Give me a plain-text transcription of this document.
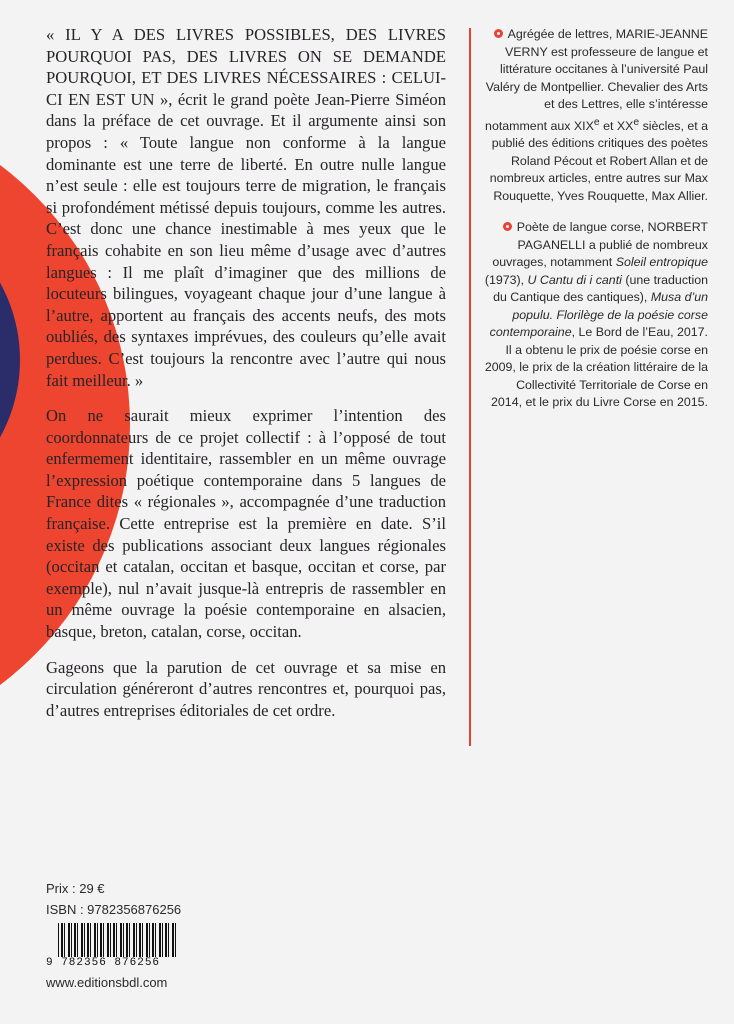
« IL Y A DES LIVRES POSSIBLES, DES LIVRES POURQUOI PAS, DES LIVRES ON SE DEMANDE POURQUOI, ET DES LIVRES NÉCESSAIRES : CELUI-CI EN EST UN », écrit le grand poète Jean-Pierre Siméon dans la préface de cet ouvrage. Et il argumente ainsi son propos : « Toute langue non conforme à la langue dominante est une terre de liberté. En outre nulle langue n’est seule : elle est toujours terre de migration, le français si profondément métissé depuis toujours, comme les autres. C’est donc une chance inestimable à mes yeux que le français cohabite en son lieu même d’usage avec d’autres langues : Il me plaît d’imaginer que des millions de locuteurs bilingues, voyageant chaque jour d’une langue à l’autre, apportent au français des accents neufs, des mots oubliés, des syntaxes imprévues, des couleurs qu’elle avait perdues. C’est toujours la rencontre avec l’autre qui nous fait meilleur. »

On ne saurait mieux exprimer l’intention des coordonnateurs de ce projet collectif : à l’opposé de tout enfermement identitaire, rassembler en un même ouvrage l’expression poétique contemporaine dans 5 langues de France dites « régionales », accompagnée d’une traduction française. Cette entreprise est la première en date. S’il existe des publications associant deux langues régionales (occitan et catalan, occitan et basque, occitan et corse, par exemple), nul n’avait jusque-là entrepris de rassembler en un même ouvrage la poésie contemporaine en alsacien, basque, breton, catalan, corse, occitan.

Gageons que la parution de cet ouvrage et sa mise en circulation généreront d’autres rencontres et, pourquoi pas, d’autres entreprises éditoriales de cet ordre.

Agrégée de lettres, MARIE-JEANNE VERNY est professeure de langue et littérature occitanes à l’université Paul Valéry de Montpellier. Chevalier des Arts et des Lettres, elle s’intéresse notamment aux XIXe et XXe siècles, et a publié des éditions critiques des poètes Roland Pécout et Robert Allan et de nombreux articles, entre autres sur Max Rouquette, Yves Rouquette, Max Allier.

Poète de langue corse, NORBERT PAGANELLI a publié de nombreux ouvrages, notamment Soleil entropique (1973), U Cantu di i canti (une traduction du Cantique des cantiques), Musa d’un populu. Florilège de la poésie corse contemporaine, Le Bord de l’Eau, 2017. Il a obtenu le prix de poésie corse en 2009, le prix de la création littéraire de la Collectivité Territoriale de Corse en 2014, et le prix du Livre Corse en 2015.

Prix : 29 €
ISBN : 9782356876256
9 782356 876256
www.editionsbdl.com
